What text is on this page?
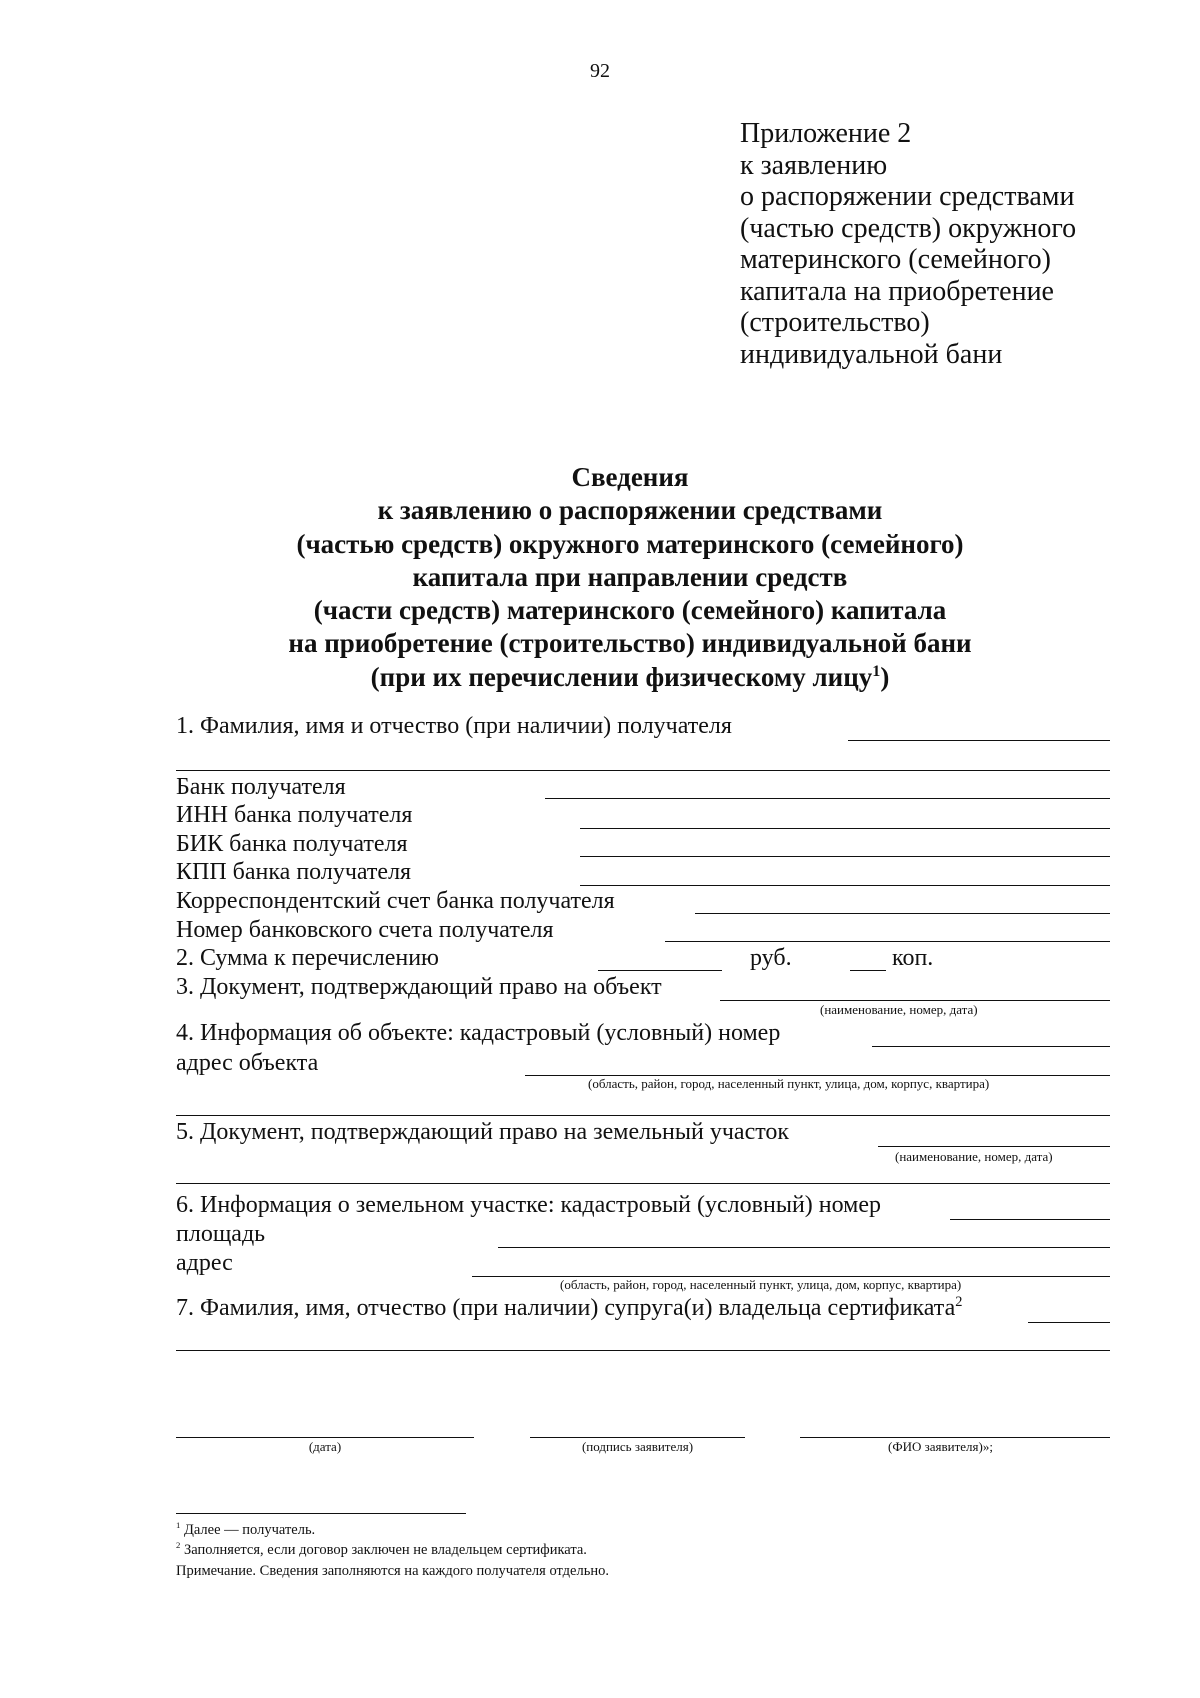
92
Приложение 2
к заявлению
о распоряжении средствами
(частью средств) окружного
материнского (семейного)
капитала на приобретение
(строительство)
индивидуальной бани
Сведения
к заявлению о распоряжении средствами
(частью средств) окружного материнского (семейного)
капитала при направлении средств
(части средств) материнского (семейного) капитала
на приобретение (строительство) индивидуальной бани
(при их перечислении физическому лицу$^1$)
1. Фамилия, имя и отчество (при наличии) получателя
Банк получателя
ИНН банка получателя
БИК банка получателя
КПП банка получателя
Корреспондентский счет банка получателя
Номер банковского счета получателя
2. Сумма к перечислению	руб.	коп.
3. Документ, подтверждающий право на объект
(наименование, номер, дата)
4. Информация об объекте: кадастровый (условный) номер
адрес объекта
(область, район, город, населенный пункт, улица, дом, корпус, квартира)
5. Документ, подтверждающий право на земельный участок
(наименование, номер, дата)
6. Информация о земельном участке: кадастровый (условный) номер
площадь
адрес
(область, район, город, населенный пункт, улица, дом, корпус, квартира)
7. Фамилия, имя, отчество (при наличии) супруга(и) владельца сертификата$^2$
(дата)	(подпись заявителя)	(ФИО заявителя)»;
$^1$ Далее — получатель.
$^2$ Заполняется, если договор заключен не владельцем сертификата.
Примечание. Сведения заполняются на каждого получателя отдельно.
